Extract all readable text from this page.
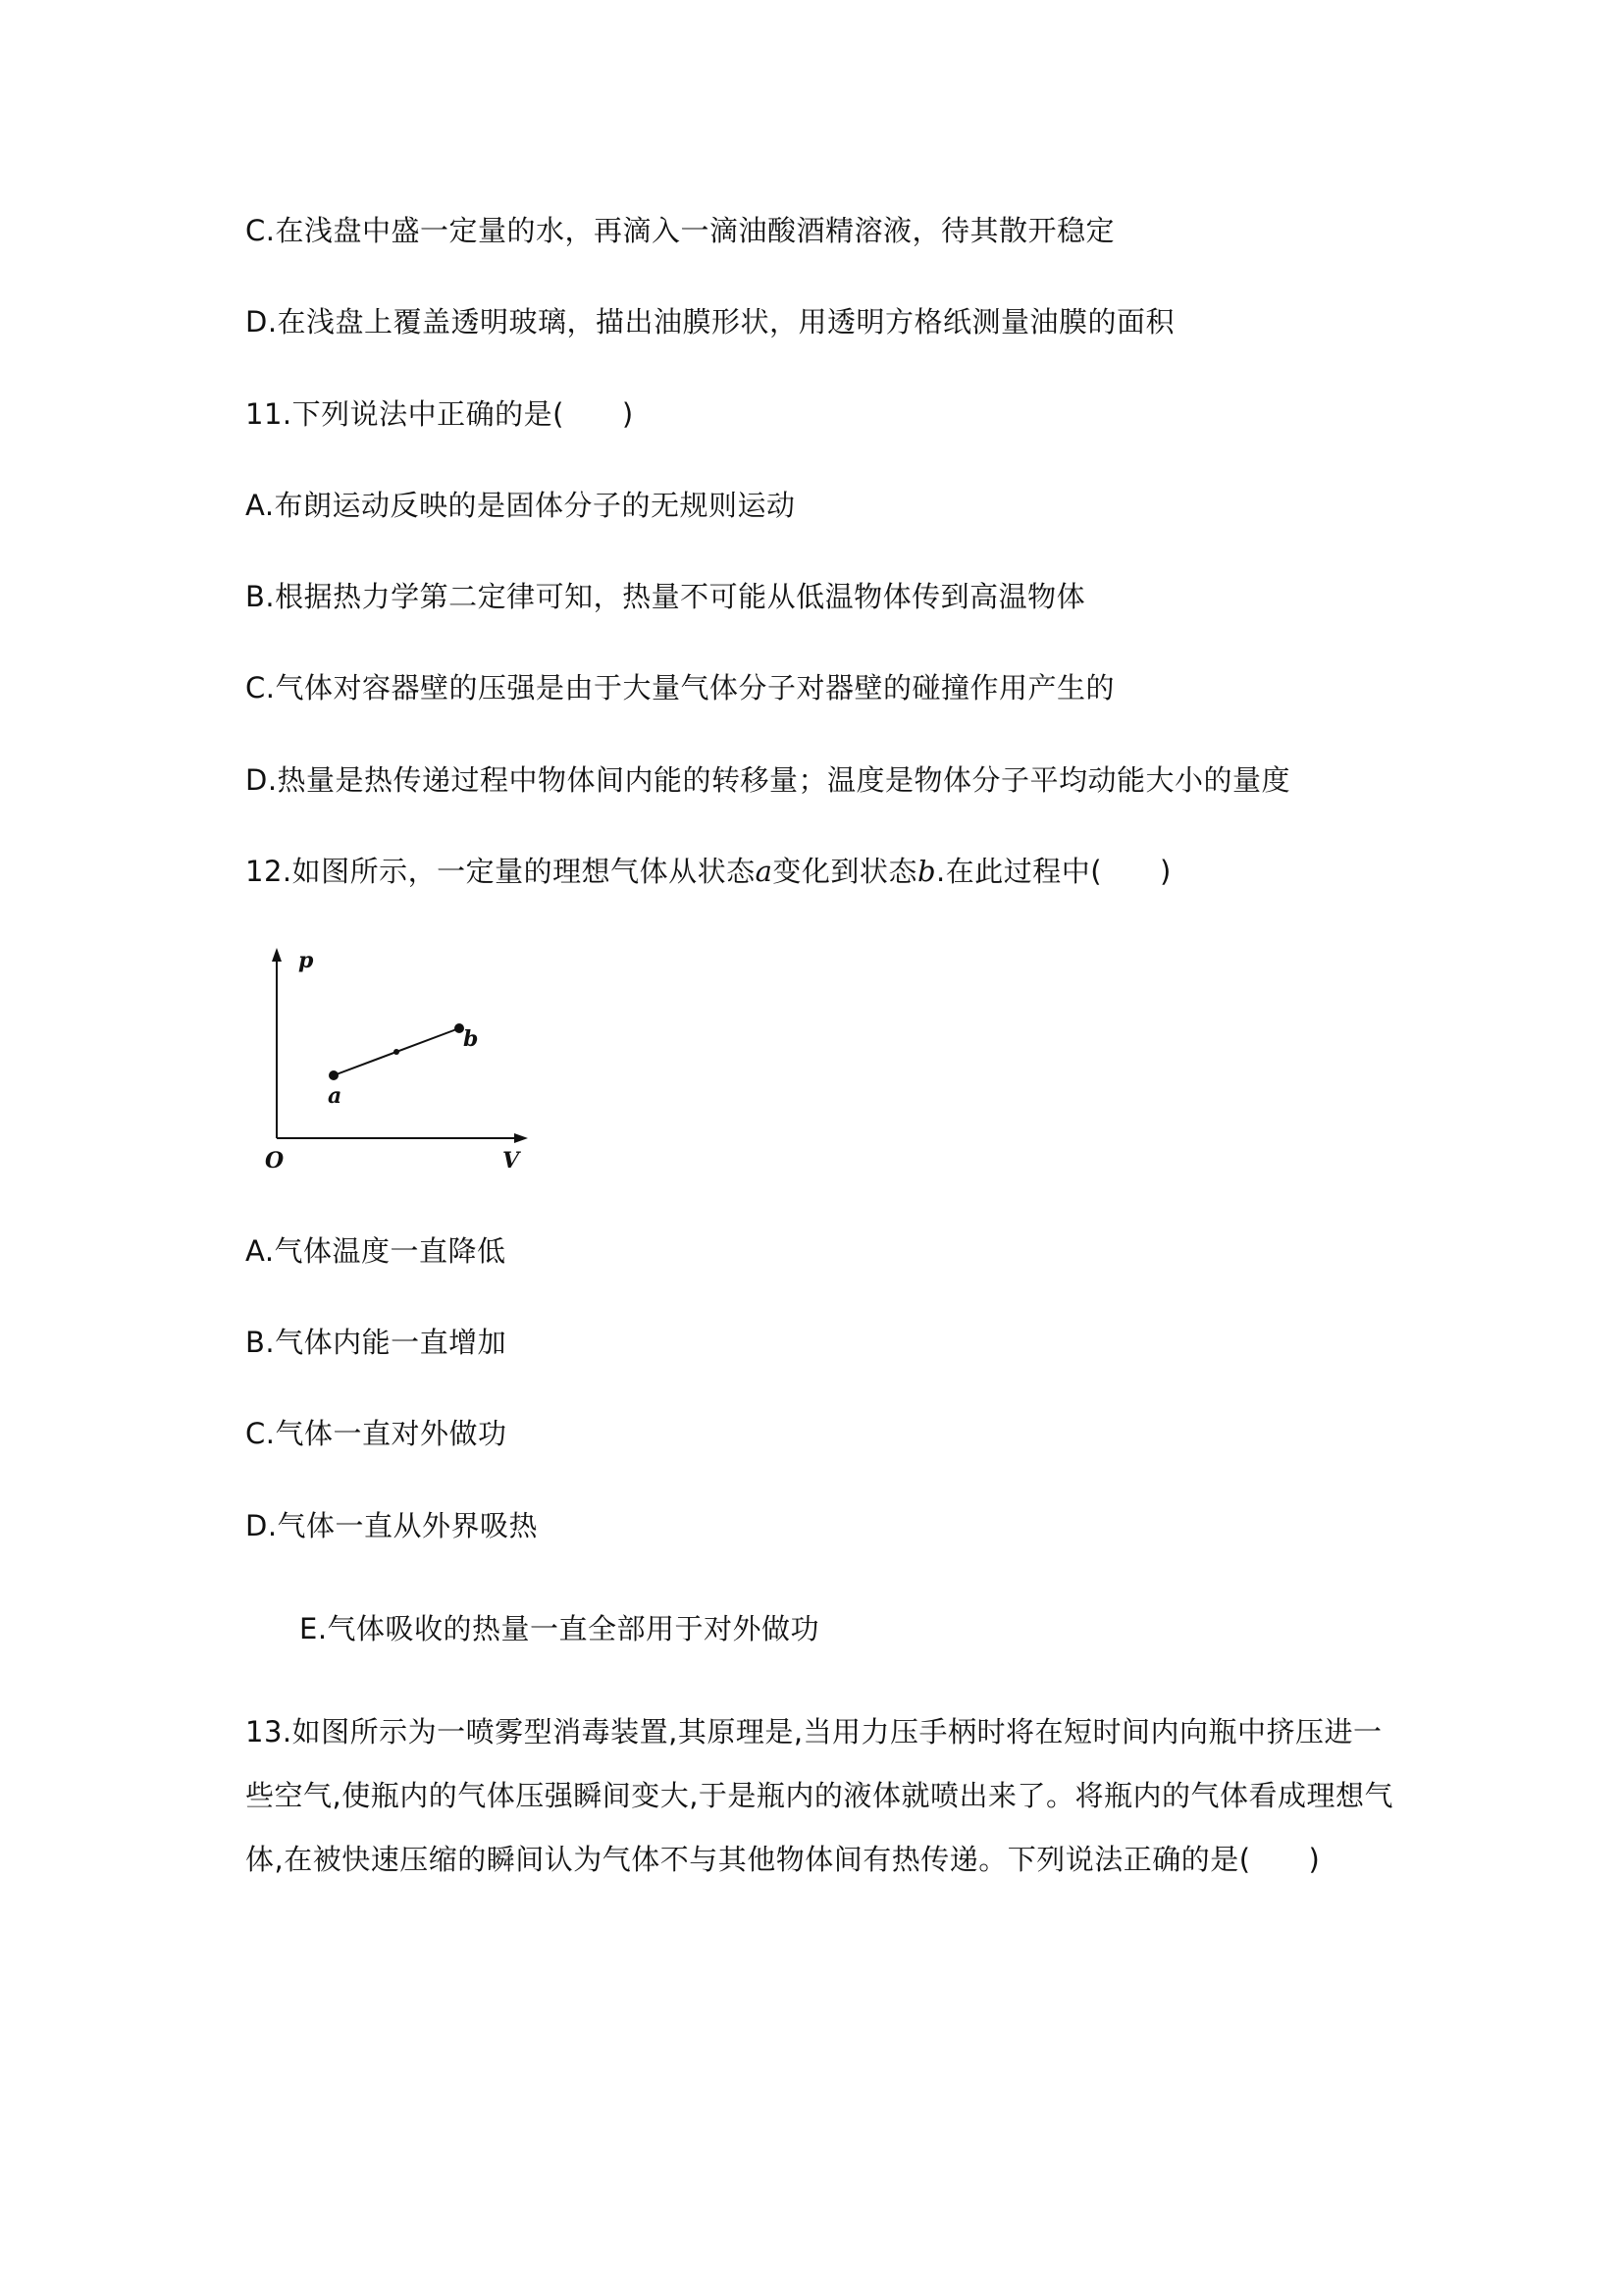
C.在浅盘中盛一定量的水，再滴入一滴油酸酒精溶液，待其散开稳定
D.在浅盘上覆盖透明玻璃，描出油膜形状，用透明方格纸测量油膜的面积
11.下列说法中正确的是(　　)
A.布朗运动反映的是固体分子的无规则运动
B.根据热力学第二定律可知，热量不可能从低温物体传到高温物体
C.气体对容器壁的压强是由于大量气体分子对器壁的碰撞作用产生的
D.热量是热传递过程中物体间内能的转移量；温度是物体分子平均动能大小的量度
12.如图所示，一定量的理想气体从状态a变化到状态b.在此过程中(　　)
p
V
O
a
b
A.气体温度一直降低
B.气体内能一直增加
C.气体一直对外做功
D.气体一直从外界吸热
E.气体吸收的热量一直全部用于对外做功
13.如图所示为一喷雾型消毒装置,其原理是,当用力压手柄时将在短时间内向瓶中挤压进一
些空气,使瓶内的气体压强瞬间变大,于是瓶内的液体就喷出来了。将瓶内的气体看成理想气
体,在被快速压缩的瞬间认为气体不与其他物体间有热传递。下列说法正确的是(　　)
